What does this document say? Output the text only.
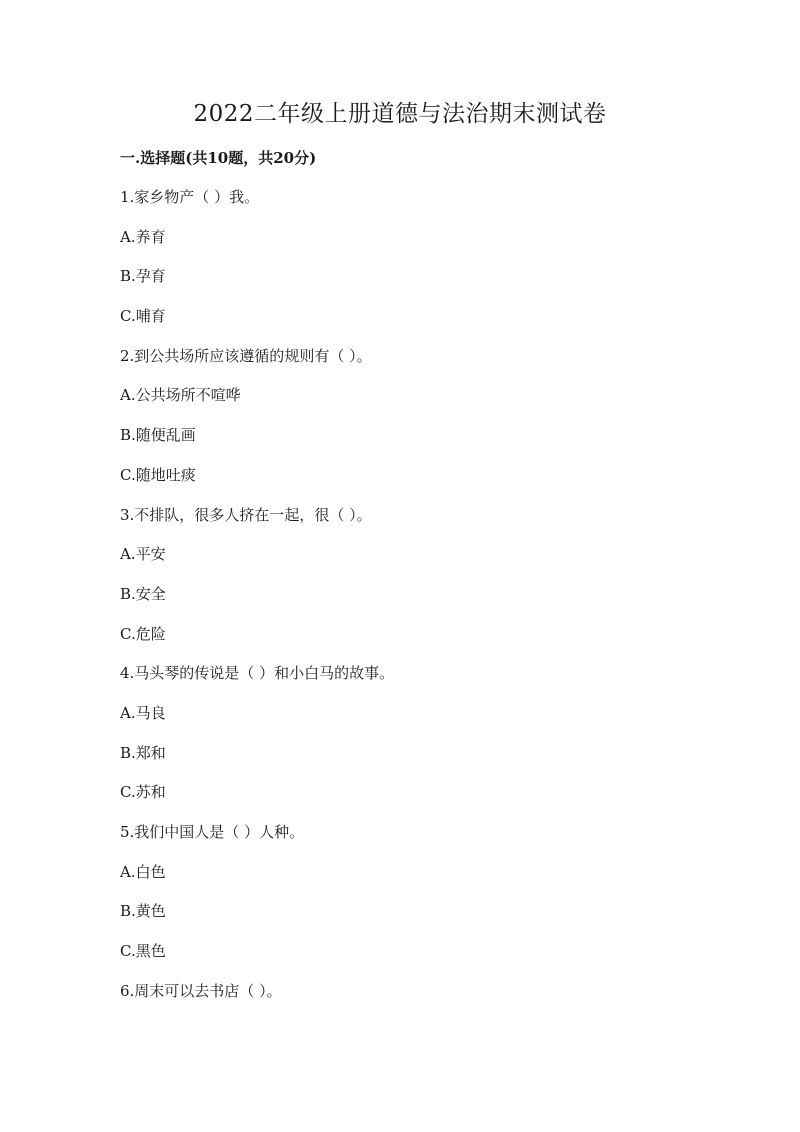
2022二年级上册道德与法治期末测试卷
一.选择题(共10题，共20分)

1.家乡物产（ ）我。

A.养育

B.孕育

C.哺育

2.到公共场所应该遵循的规则有（ ）。

A.公共场所不喧哗

B.随便乱画

C.随地吐痰

3.不排队，很多人挤在一起，很（ ）。

A.平安

B.安全

C.危险

4.马头琴的传说是（ ）和小白马的故事。

A.马良

B.郑和

C.苏和

5.我们中国人是（ ）人种。

A.白色

B.黄色

C.黑色

6.周末可以去书店（ ）。
